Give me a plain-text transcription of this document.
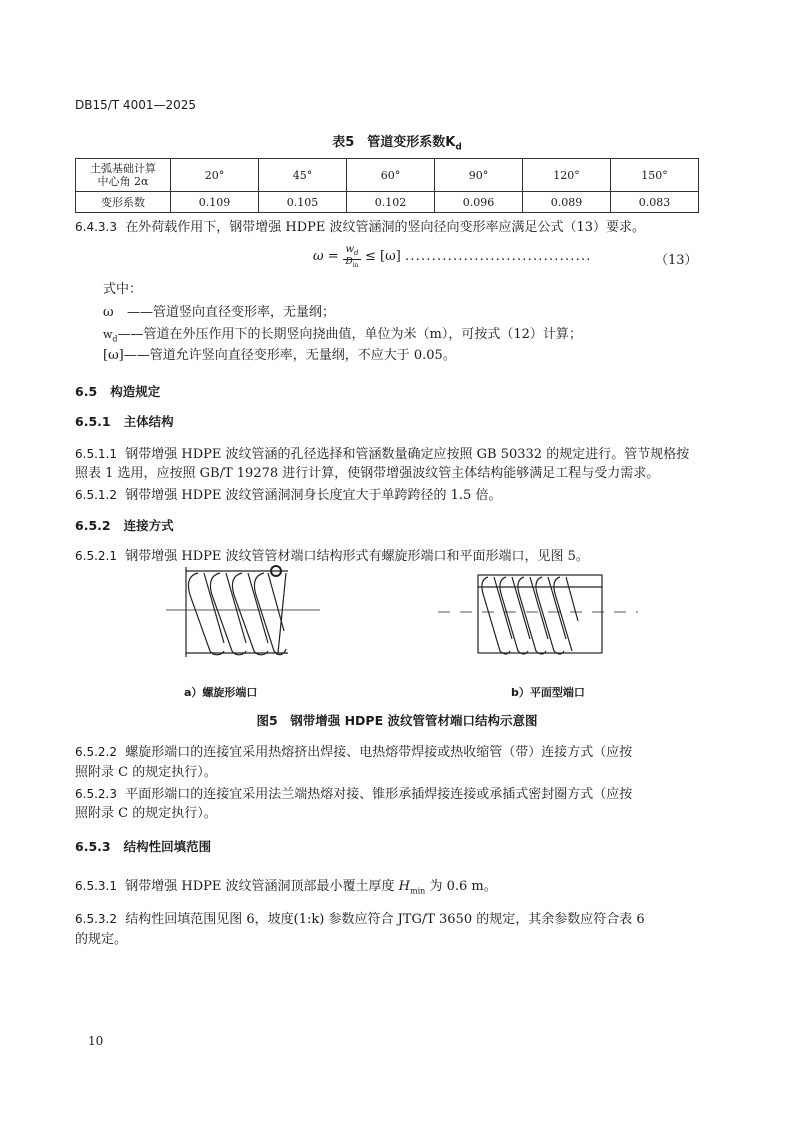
DB15/T 4001—2025
表5　管道变形系数$K_d$
土弧基础计算
中心角 2α	20°	45°	60°	90°	120°	150°
变形系数	0.109	0.105	0.102	0.096	0.089	0.083
6.4.3.3 在外荷载作用下，钢带增强 HDPE 波纹管涵洞的竖向径向变形率应满足公式（13）要求。
$\omega = w_d$
$D_{in}$
≤ [ω] ...................................	（13）
式中：
ω ——管道竖向直径变形率，无量纲；
$w_d——$管道在外压作用下的长期竖向挠曲值，单位为米（m），可按式（12）计算；
[ω]——管道允许竖向直径变形率，无量纲，不应大于 0.05。
6.5 构造规定
6.5.1 主体结构
6.5.1.1 钢带增强 HDPE 波纹管涵的孔径选择和管涵数量确定应按照 GB 50332 的规定进行。管节规格按
照表 1 选用，应按照 GB/T 19278 进行计算，使钢带增强波纹管主体结构能够满足工程与受力需求。
6.5.1.2 钢带增强 HDPE 波纹管涵洞洞身长度宜大于单跨跨径的 1.5 倍。
6.5.2 连接方式
6.5.2.1 钢带增强 HDPE 波纹管管材端口结构形式有螺旋形端口和平面形端口，见图 5。
a）螺旋形端口	b）平面型端口
图5　钢带增强 HDPE 波纹管管材端口结构示意图
6.5.2.2 螺旋形端口的连接宜采用热熔挤出焊接、电热熔带焊接或热收缩管（带）连接方式（应按
照附录 C 的规定执行）。
6.5.2.3 平面形端口的连接宜采用法兰端热熔对接、锥形承插焊接连接或承插式密封圈方式（应按
照附录 C 的规定执行）。
6.5.3 结构性回填范围
6.5.3.1 钢带增强 HDPE 波纹管涵洞顶部最小覆土厚度 $H_{min}$ 为 0.6 m。
6.5.3.2 结构性回填范围见图 6，坡度(1:k) 参数应符合 JTG/T 3650 的规定，其余参数应符合表 6
的规定。
10
